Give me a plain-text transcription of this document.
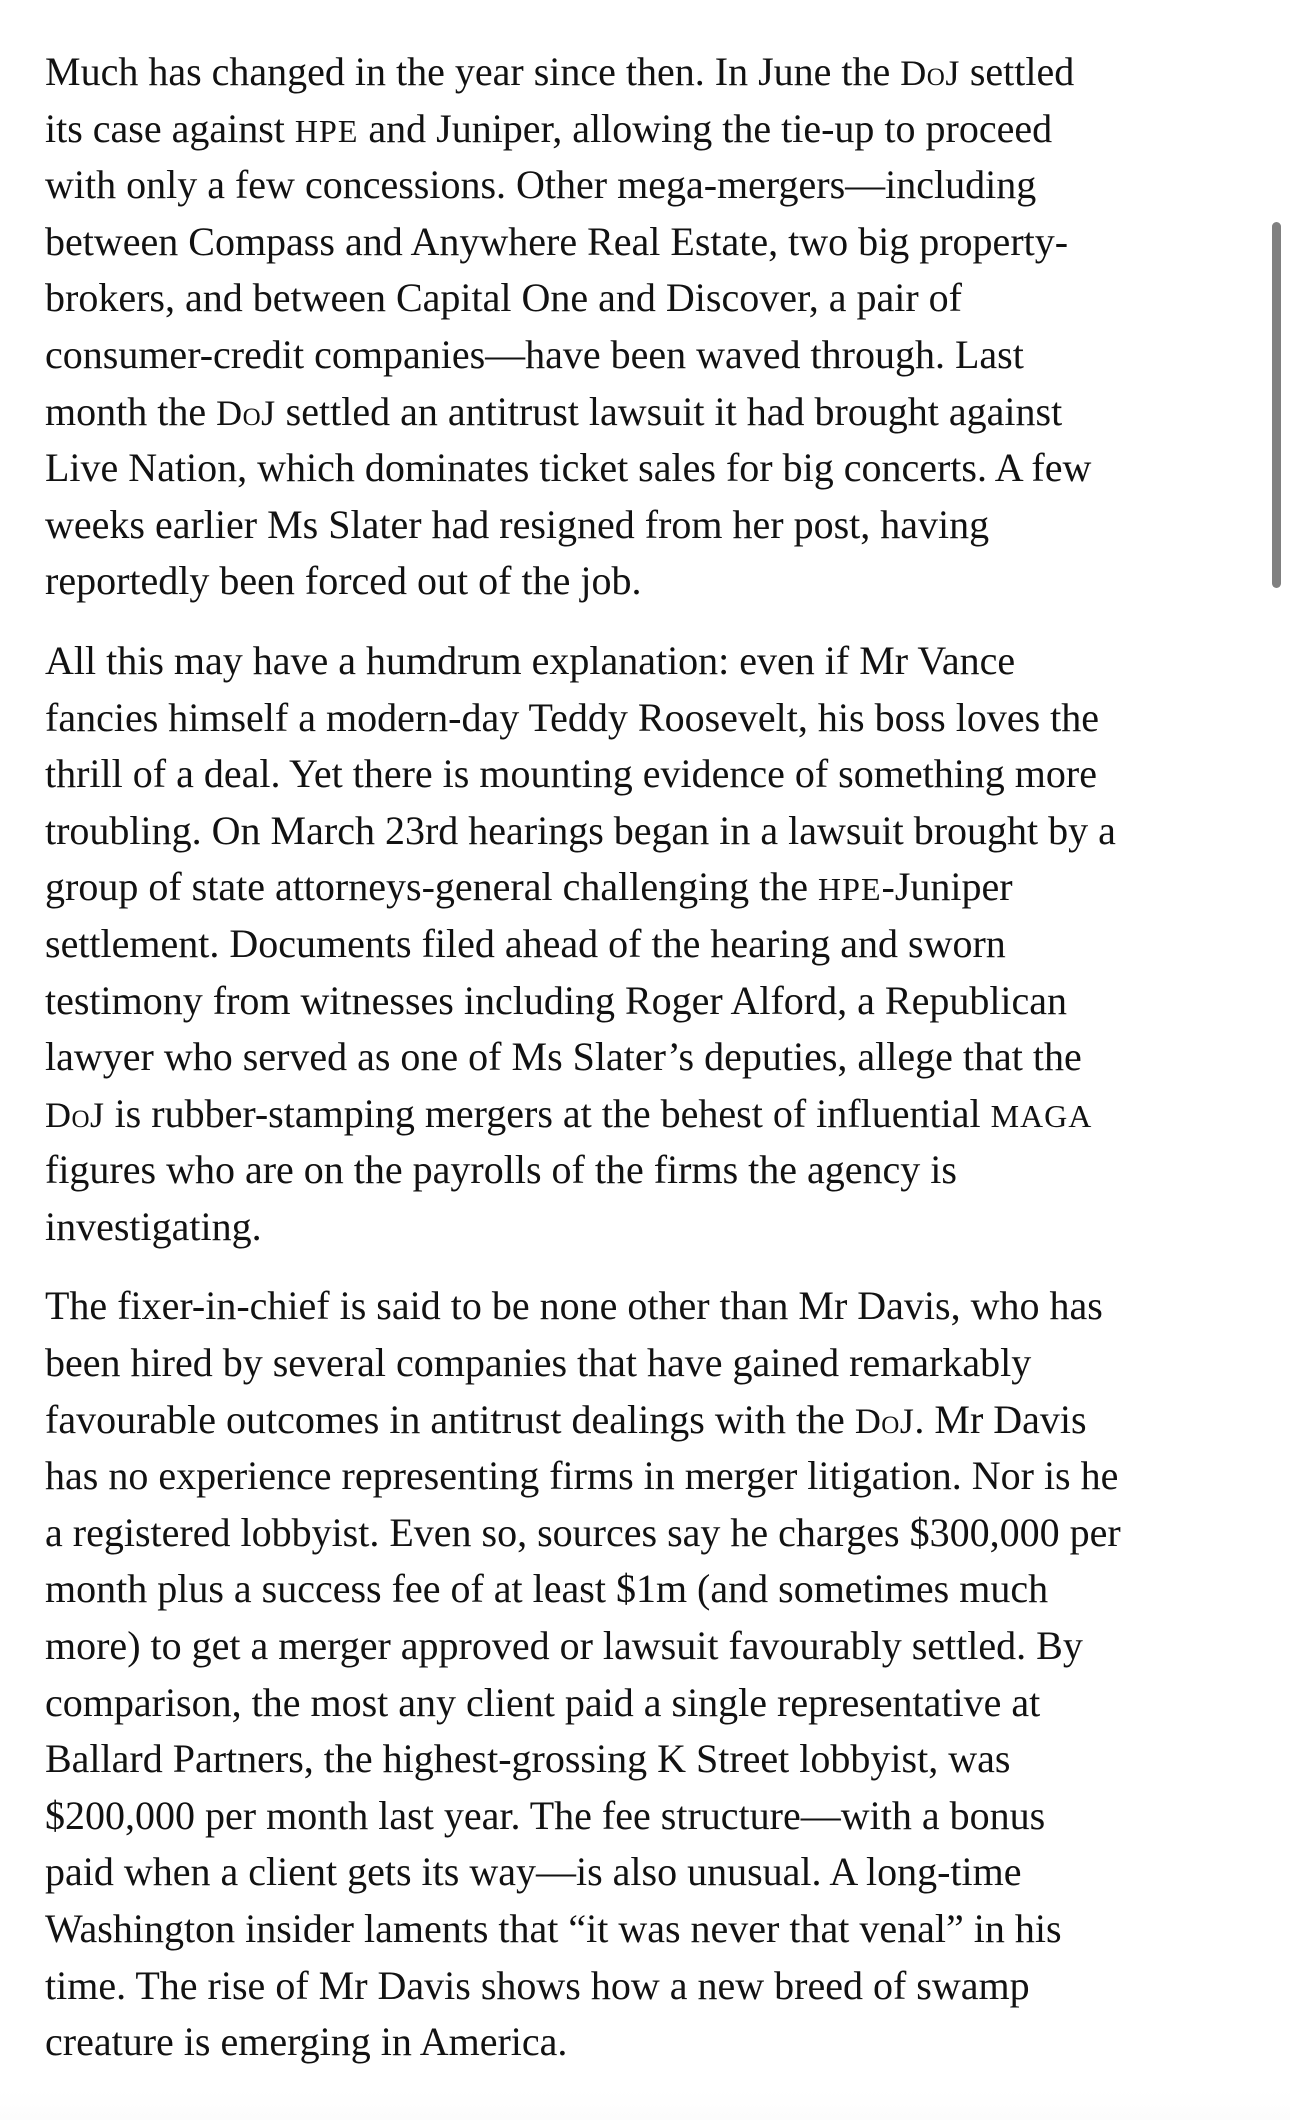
Much has changed in the year since then. In June the DoJ settled
its case against HPE and Juniper, allowing the tie-up to proceed
with only a few concessions. Other mega-mergers—including
between Compass and Anywhere Real Estate, two big property-
brokers, and between Capital One and Discover, a pair of
consumer-credit companies—have been waved through. Last
month the DoJ settled an antitrust lawsuit it had brought against
Live Nation, which dominates ticket sales for big concerts. A few
weeks earlier Ms Slater had resigned from her post, having
reportedly been forced out of the job.

All this may have a humdrum explanation: even if Mr Vance
fancies himself a modern-day Teddy Roosevelt, his boss loves the
thrill of a deal. Yet there is mounting evidence of something more
troubling. On March 23rd hearings began in a lawsuit brought by a
group of state attorneys-general challenging the HPE-Juniper
settlement. Documents filed ahead of the hearing and sworn
testimony from witnesses including Roger Alford, a Republican
lawyer who served as one of Ms Slater’s deputies, allege that the
DoJ is rubber-stamping mergers at the behest of influential MAGA
figures who are on the payrolls of the firms the agency is
investigating.

The fixer-in-chief is said to be none other than Mr Davis, who has
been hired by several companies that have gained remarkably
favourable outcomes in antitrust dealings with the DoJ. Mr Davis
has no experience representing firms in merger litigation. Nor is he
a registered lobbyist. Even so, sources say he charges $300,000 per
month plus a success fee of at least $1m (and sometimes much
more) to get a merger approved or lawsuit favourably settled. By
comparison, the most any client paid a single representative at
Ballard Partners, the highest-grossing K Street lobbyist, was
$200,000 per month last year. The fee structure—with a bonus
paid when a client gets its way—is also unusual. A long-time
Washington insider laments that “it was never that venal” in his
time. The rise of Mr Davis shows how a new breed of swamp
creature is emerging in America.
